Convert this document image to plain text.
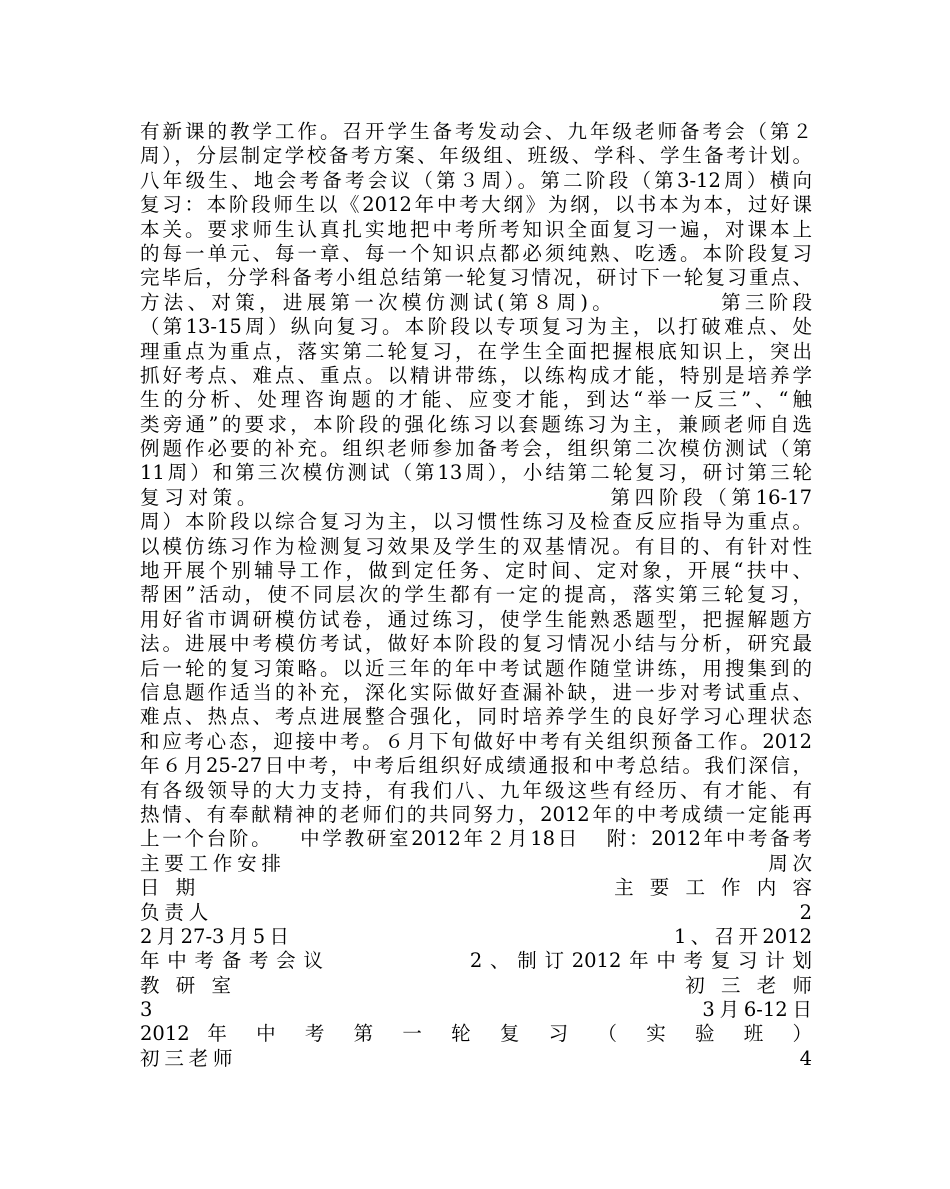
有新课的教学工作。召开学生备考发动会、九年级老师备考会（第２
周），分层制定学校备考方案、年级组、班级、学科、学生备考计划。
八年级生、地会考备考会议（第３周）。第二阶段（第3-12周）横向
复习：本阶段师生以《2012年中考大纲》为纲，以书本为本，过好课
本关。要求师生认真扎实地把中考所考知识全面复习一遍，对课本上
的每一单元、每一章、每一个知识点都必须纯熟、吃透。本阶段复习
完毕后，分学科备考小组总结第一轮复习情况，研讨下一轮复习重点、
方法、对策，进展第一次模仿测试(第８周)。          第三阶段
（第13-15周）纵向复习。本阶段以专项复习为主，以打破难点、处
理重点为重点，落实第二轮复习，在学生全面把握根底知识上，突出
抓好考点、难点、重点。以精讲带练，以练构成才能，特别是培养学
生的分析、处理咨询题的才能、应变才能，到达“举一反三”、“触
类旁通”的要求，本阶段的强化练习以套题练习为主，兼顾老师自选
例题作必要的补充。组织老师参加备考会，组织第二次模仿测试（第
11周）和第三次模仿测试（第13周），小结第二轮复习，研讨第三轮
复习对策。                                第四阶段（第16-17
周）本阶段以综合复习为主，以习惯性练习及检查反应指导为重点。
以模仿练习作为检测复习效果及学生的双基情况。有目的、有针对性
地开展个别辅导工作，做到定任务、定时间、定对象，开展“扶中、
帮困”活动，使不同层次的学生都有一定的提高，落实第三轮复习，
用好省市调研模仿试卷，通过练习，使学生能熟悉题型，把握解题方
法。进展中考模仿考试，做好本阶段的复习情况小结与分析，研究最
后一轮的复习策略。以近三年的年中考试题作随堂讲练，用搜集到的
信息题作适当的补充，深化实际做好查漏补缺，进一步对考试重点、
难点、热点、考点进展整合强化，同时培养学生的良好学习心理状态
和应考心态，迎接中考。６月下旬做好中考有关组织预备工作。2012
年６月25-27日中考，中考后组织好成绩通报和中考总结。我们深信，
有各级领导的大力支持，有我们八、九年级这些有经历、有才能、有
热情、有奉献精神的老师们的共同努力，2012年的中考成绩一定能再
上一个台阶。   中学教研室2012年２月18日   附：2012年中考备考
主要工作安排                                            周次
日 期                                     主 要 工 作 内 容
负责人                                                     2
2月27-3月5日                                    1、召开2012
年中考备考会议          2、制订2012年中考复习计划
教 研 室                                        初 三 老 师
3                                                  3月6-12日
2012 年 中 考 第 一 轮 复 习 （ 实 验 班 ）
初三老师                                                   4
